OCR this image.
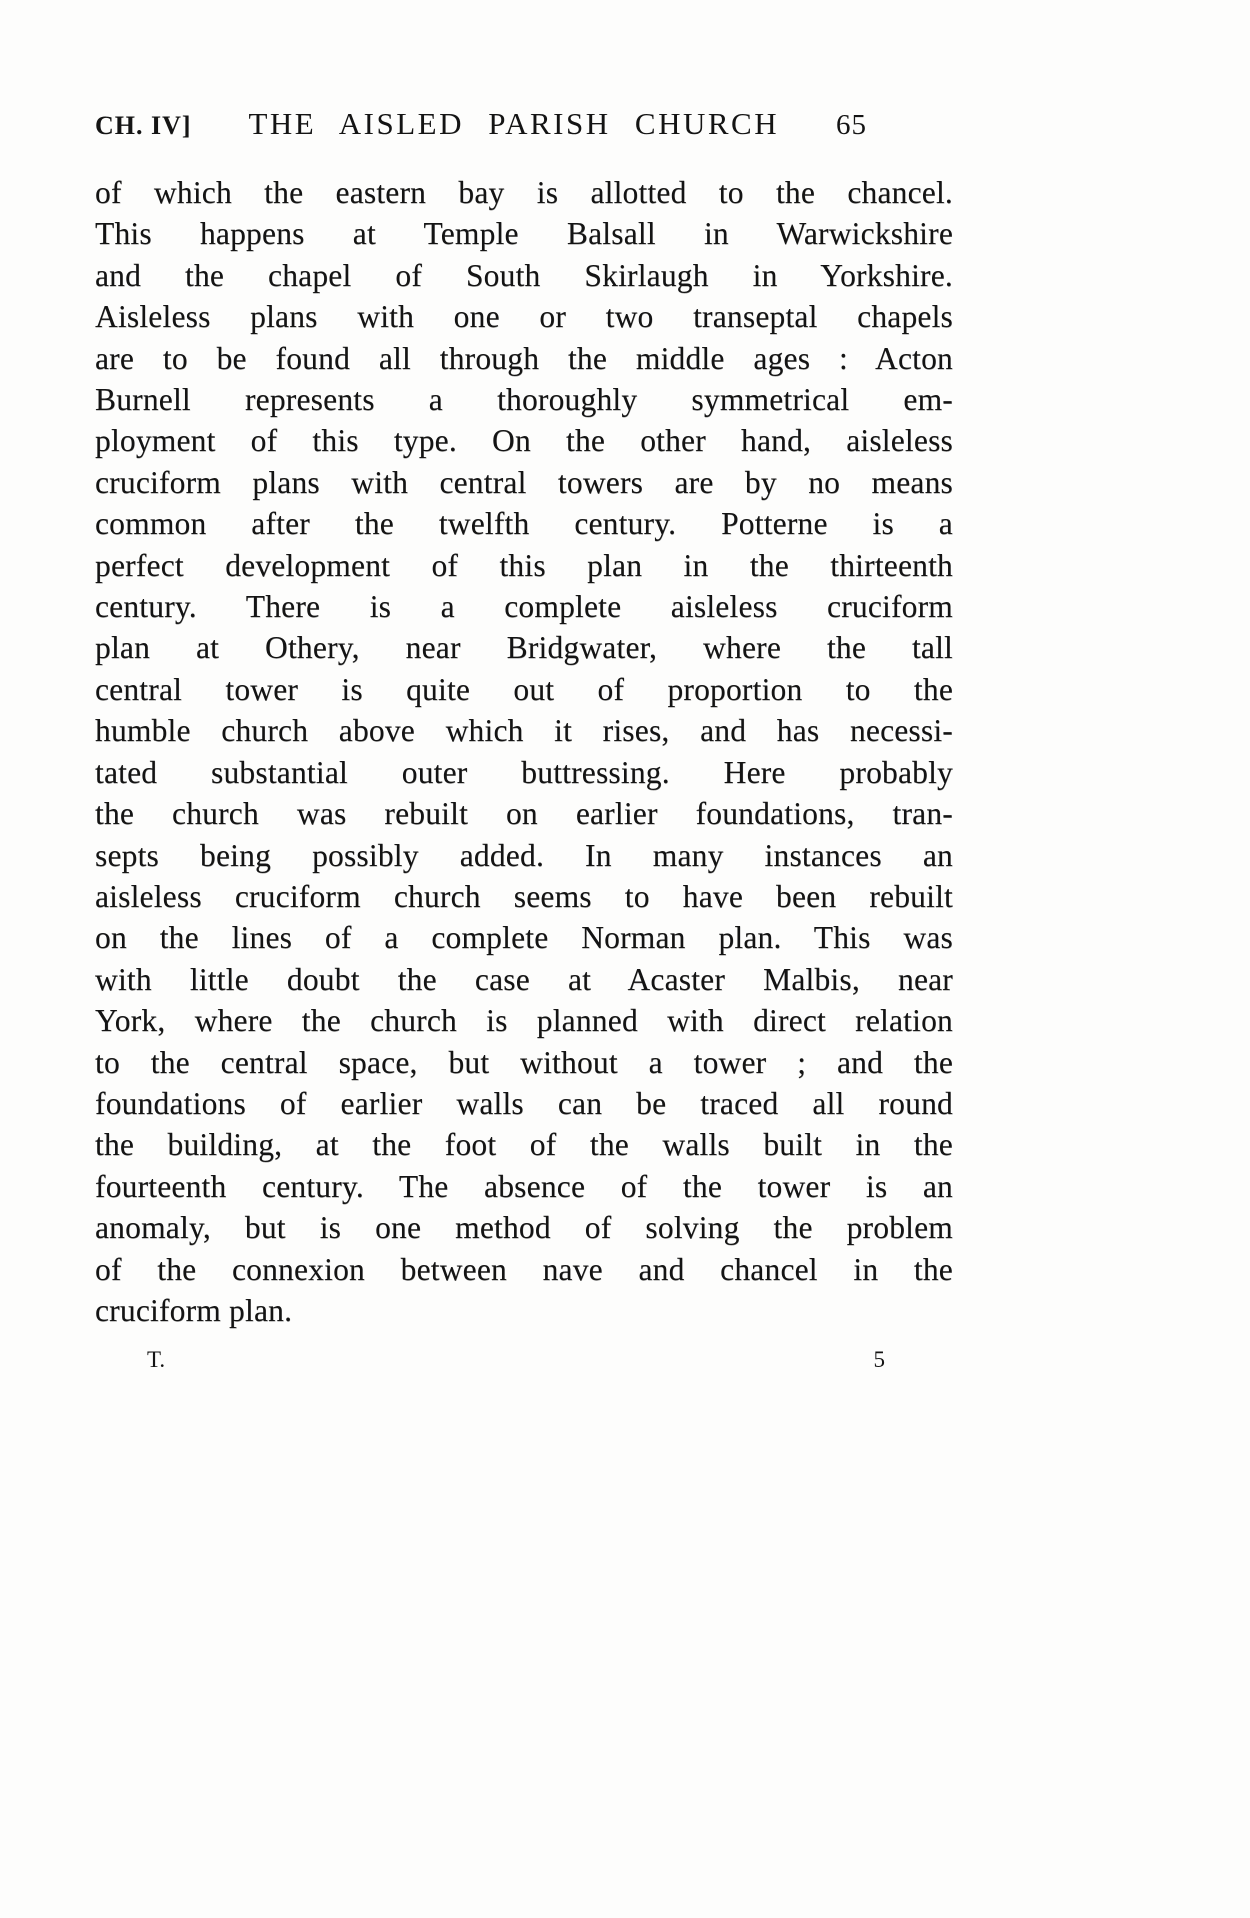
CH. IV] THE AISLED PARISH CHURCH 65
of which the eastern bay is allotted to the chancel.
This happens at Temple Balsall in Warwickshire
and the chapel of South Skirlaugh in Yorkshire.
Aisleless plans with one or two transeptal chapels
are to be found all through the middle ages : Acton
Burnell represents a thoroughly symmetrical em-
ployment of this type. On the other hand, aisleless
cruciform plans with central towers are by no means
common after the twelfth century. Potterne is a
perfect development of this plan in the thirteenth
century. There is a complete aisleless cruciform
plan at Othery, near Bridgwater, where the tall
central tower is quite out of proportion to the
humble church above which it rises, and has necessi-
tated substantial outer buttressing. Here probably
the church was rebuilt on earlier foundations, tran-
septs being possibly added. In many instances an
aisleless cruciform church seems to have been rebuilt
on the lines of a complete Norman plan. This was
with little doubt the case at Acaster Malbis, near
York, where the church is planned with direct relation
to the central space, but without a tower ; and the
foundations of earlier walls can be traced all round
the building, at the foot of the walls built in the
fourteenth century. The absence of the tower is an
anomaly, but is one method of solving the problem
of the connexion between nave and chancel in the
cruciform plan.
T.	5
